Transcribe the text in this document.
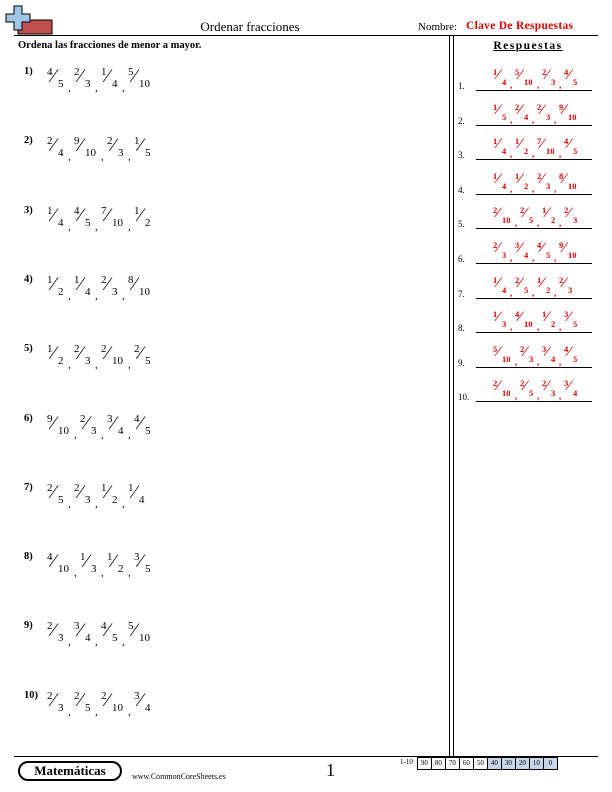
Ordenar fracciones	Nombre: Clave De Respuestas
Ordena las fracciones de menor a mayor.
1) 4 ⁄ 5 ,
2 ⁄ 3 ,
1 ⁄ 4 ,
5 ⁄ 10
2) 2 ⁄ 4 ,
9 ⁄ 10 ,
2 ⁄ 3 ,
1 ⁄ 5
3) 1 ⁄ 4 ,
4 ⁄ 5 ,
7 ⁄ 10 ,
1 ⁄ 2
4) 1 ⁄ 2 ,
1 ⁄ 4 ,
2 ⁄ 3 ,
8 ⁄ 10
5) 1 ⁄ 2 ,
2 ⁄ 3 ,
2 ⁄ 10 ,
2 ⁄ 5
6) 9 ⁄ 10 ,
2 ⁄ 3 ,
3 ⁄ 4 ,
4 ⁄ 5
7) 2 ⁄ 5 ,
2 ⁄ 3 ,
1 ⁄ 2 ,
1 ⁄ 4
8) 4 ⁄ 10 ,
1 ⁄ 3 ,
1 ⁄ 2 ,
3 ⁄ 5
9) 2 ⁄ 3 ,
3 ⁄ 4 ,
4 ⁄ 5 ,
5 ⁄ 10
10) 2 ⁄ 3 ,
2 ⁄ 5 ,
2 ⁄ 10 ,
3 ⁄ 4
Respuestas
1.
1 ⁄ 4 ,
5 ⁄ 10 ,
2 ⁄ 3 ,
4 ⁄ 5
2.
1 ⁄ 5 ,
2 ⁄ 4 ,
2 ⁄ 3 ,
9 ⁄ 10
3.
1 ⁄ 4 ,
1 ⁄ 2 ,
7 ⁄ 10 ,
4 ⁄ 5
4.
1 ⁄ 4 ,
1 ⁄ 2 ,
2 ⁄ 3 ,
8 ⁄ 10
5.
2 ⁄ 10 ,
2 ⁄ 5 ,
1 ⁄ 2 ,
2 ⁄ 3
6.
2 ⁄ 3 ,
3 ⁄ 4 ,
4 ⁄ 5 ,
9 ⁄ 10
7.
1 ⁄ 4 ,
2 ⁄ 5 ,
1 ⁄ 2 ,
2 ⁄ 3
8.
1 ⁄ 3 ,
4 ⁄ 10 ,
1 ⁄ 2 ,
3 ⁄ 5
9.
5 ⁄ 10 ,
2 ⁄ 3 ,
3 ⁄ 4 ,
4 ⁄ 5
10.
2 ⁄ 10 ,
2 ⁄ 5 ,
2 ⁄ 3 ,
3 ⁄ 4
Matemáticas	www.CommonCoreSheets.es	1	1-10	90	80	70	60	50	40	30	20	10	0
